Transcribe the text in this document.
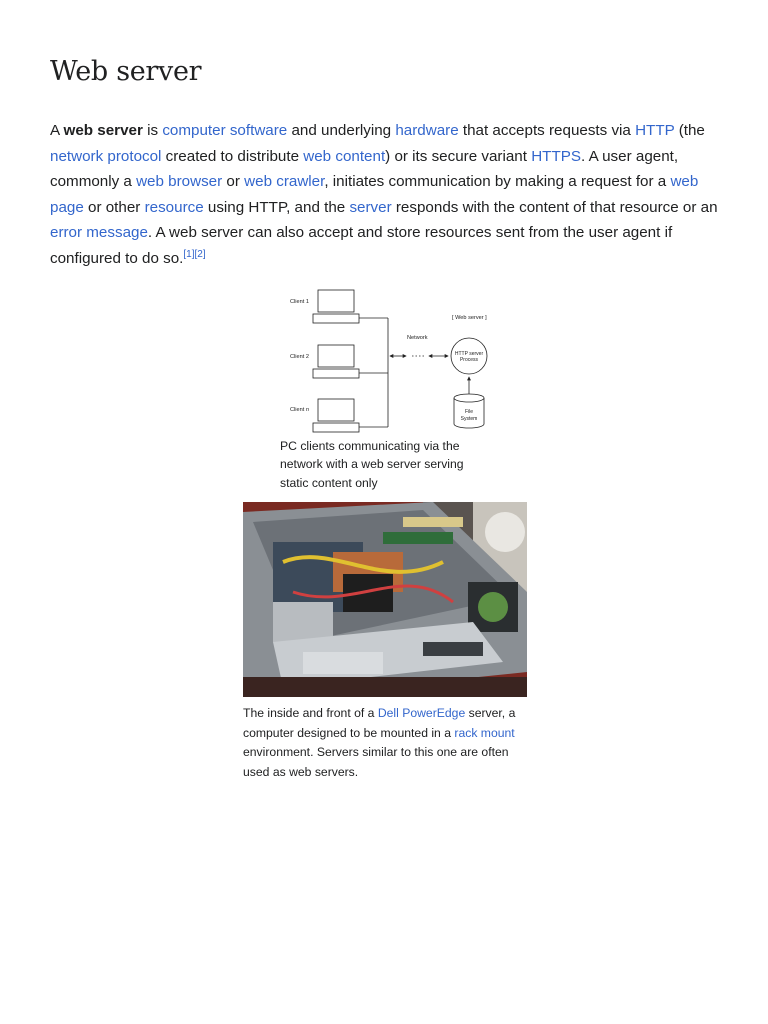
Web server

A web server is computer software and underlying hardware that accepts requests via HTTP (the network protocol created to distribute web content) or its secure variant HTTPS. A user agent, commonly a web browser or web crawler, initiates communication by making a request for a web page or other resource using HTTP, and the server responds with the content of that resource or an error message. A web server can also accept and store resources sent from the user agent if configured to do so.[1][2]

Client 1
Client 2
Client n
[ Web server ]
Network
HTTP server
Process
File
System
PC clients communicating via the network with a web server serving static content only
The inside and front of a Dell PowerEdge server, a computer designed to be mounted in a rack mount environment. Servers similar to this one are often used as web servers.
